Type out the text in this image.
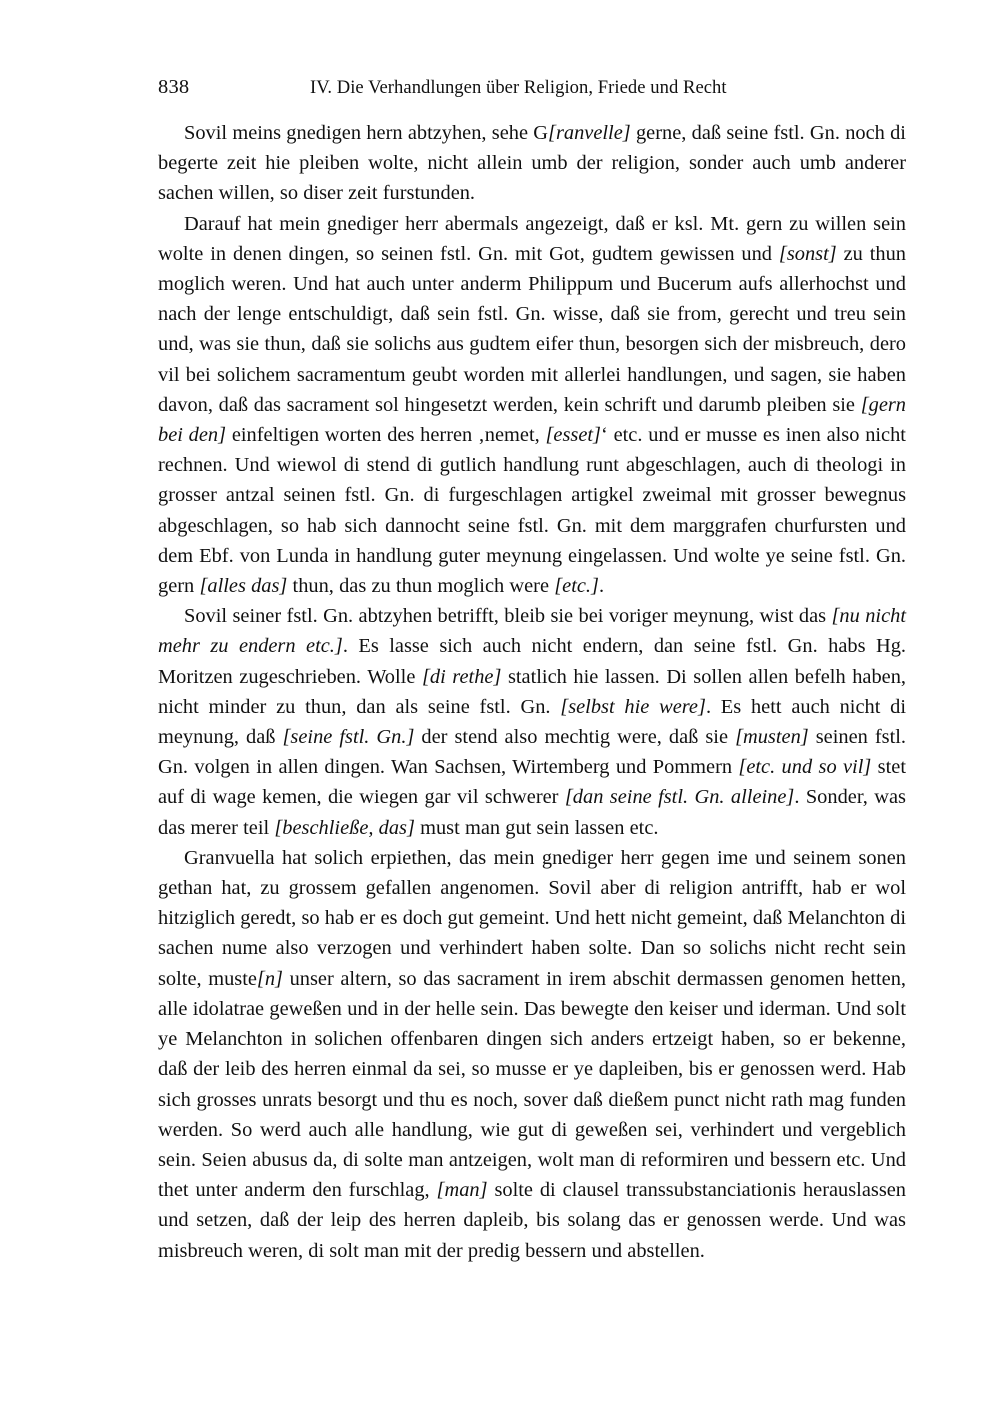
838	IV. Die Verhandlungen über Religion, Friede und Recht

Sovil meins gnedigen hern abtzyhen, sehe G[ranvelle] gerne, daß seine fstl. Gn. noch di begerte zeit hie pleiben wolte, nicht allein umb der religion, sonder auch umb anderer sachen willen, so diser zeit furstunden.

Darauf hat mein gnediger herr abermals angezeigt, daß er ksl. Mt. gern zu willen sein wolte in denen dingen, so seinen fstl. Gn. mit Got, gudtem gewissen und [sonst] zu thun moglich weren. Und hat auch unter anderm Philippum und Bucerum aufs allerhochst und nach der lenge entschuldigt, daß sein fstl. Gn. wisse, daß sie from, gerecht und treu sein und, was sie thun, daß sie solichs aus gudtem eifer thun, besorgen sich der misbreuch, dero vil bei solichem sacramentum geubt worden mit allerlei handlungen, und sagen, sie haben davon, daß das sacrament sol hingesetzt werden, kein schrift und darumb pleiben sie [gern bei den] einfeltigen worten des herren ‚nemet, [esset]‘ etc. und er musse es inen also nicht rechnen. Und wiewol di stend di gutlich handlung runt abgeschlagen, auch di theologi in grosser antzal seinen fstl. Gn. di furgeschlagen artigkel zweimal mit grosser bewegnus abgeschlagen, so hab sich dannocht seine fstl. Gn. mit dem marggrafen churfursten und dem Ebf. von Lunda in handlung guter meynung eingelassen. Und wolte ye seine fstl. Gn. gern [alles das] thun, das zu thun moglich were [etc.].

Sovil seiner fstl. Gn. abtzyhen betrifft, bleib sie bei voriger meynung, wist das [nu nicht mehr zu endern etc.]. Es lasse sich auch nicht endern, dan seine fstl. Gn. habs Hg. Moritzen zugeschrieben. Wolle [di rethe] statlich hie lassen. Di sollen allen befelh haben, nicht minder zu thun, dan als seine fstl. Gn. [selbst hie were]. Es hett auch nicht di meynung, daß [seine fstl. Gn.] der stend also mechtig were, daß sie [musten] seinen fstl. Gn. volgen in allen dingen. Wan Sachsen, Wirtemberg und Pommern [etc. und so vil] stet auf di wage kemen, die wiegen gar vil schwerer [dan seine fstl. Gn. alleine]. Sonder, was das merer teil [beschließe, das] must man gut sein lassen etc.

Granvuella hat solich erpiethen, das mein gnediger herr gegen ime und seinem sonen gethan hat, zu grossem gefallen angenomen. Sovil aber di religion antrifft, hab er wol hitziglich geredt, so hab er es doch gut gemeint. Und hett nicht gemeint, daß Melanchton di sachen nume also verzogen und verhindert haben solte. Dan so solichs nicht recht sein solte, muste[n] unser altern, so das sacrament in irem abschit dermassen genomen hetten, alle idolatrae geweßen und in der helle sein. Das bewegte den keiser und iderman. Und solt ye Melanchton in solichen offenbaren dingen sich anders ertzeigt haben, so er bekenne, daß der leib des herren einmal da sei, so musse er ye dapleiben, bis er genossen werd. Hab sich grosses unrats besorgt und thu es noch, sover daß dießem punct nicht rath mag funden werden. So werd auch alle handlung, wie gut di geweßen sei, verhindert und vergeblich sein. Seien abusus da, di solte man antzeigen, wolt man di reformiren und bessern etc. Und thet unter anderm den furschlag, [man] solte di clausel transsubstanciationis herauslassen und setzen, daß der leip des herren dapleib, bis solang das er genossen werde. Und was misbreuch weren, di solt man mit der predig bessern und abstellen.
